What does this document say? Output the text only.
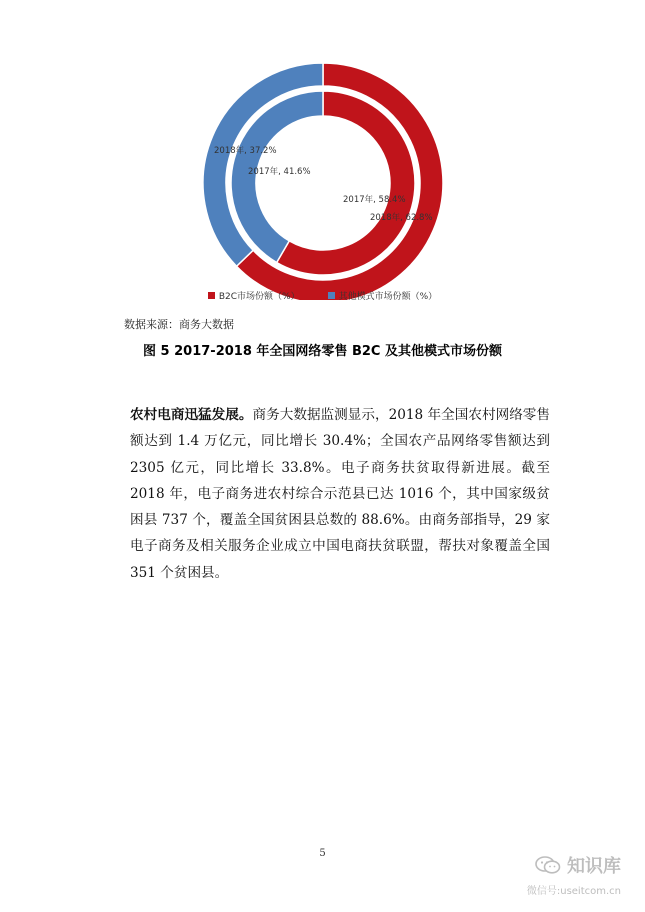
2018年, 62.8%
2018年, 37.2%
2017年, 58.4%
2017年, 41.6%
B2C市场份额（%）	其他模式市场份额（%）
数据来源：商务大数据
图 5 2017-2018 年全国网络零售 B2C 及其他模式市场份额

农村电商迅猛发展。商务大数据监测显示，2018 年全国农村网络零售额达到 1.4 万亿元，同比增长 30.4%；全国农产品网络零售额达到 2305 亿元，同比增长 33.8%。电子商务扶贫取得新进展。截至 2018 年，电子商务进农村综合示范县已达 1016 个，其中国家级贫困县 737 个，覆盖全国贫困县总数的 88.6%。由商务部指导，29 家电子商务及相关服务企业成立中国电商扶贫联盟，帮扶对象覆盖全国 351 个贫困县。

5
知识库
微信号:useitcom.cn
